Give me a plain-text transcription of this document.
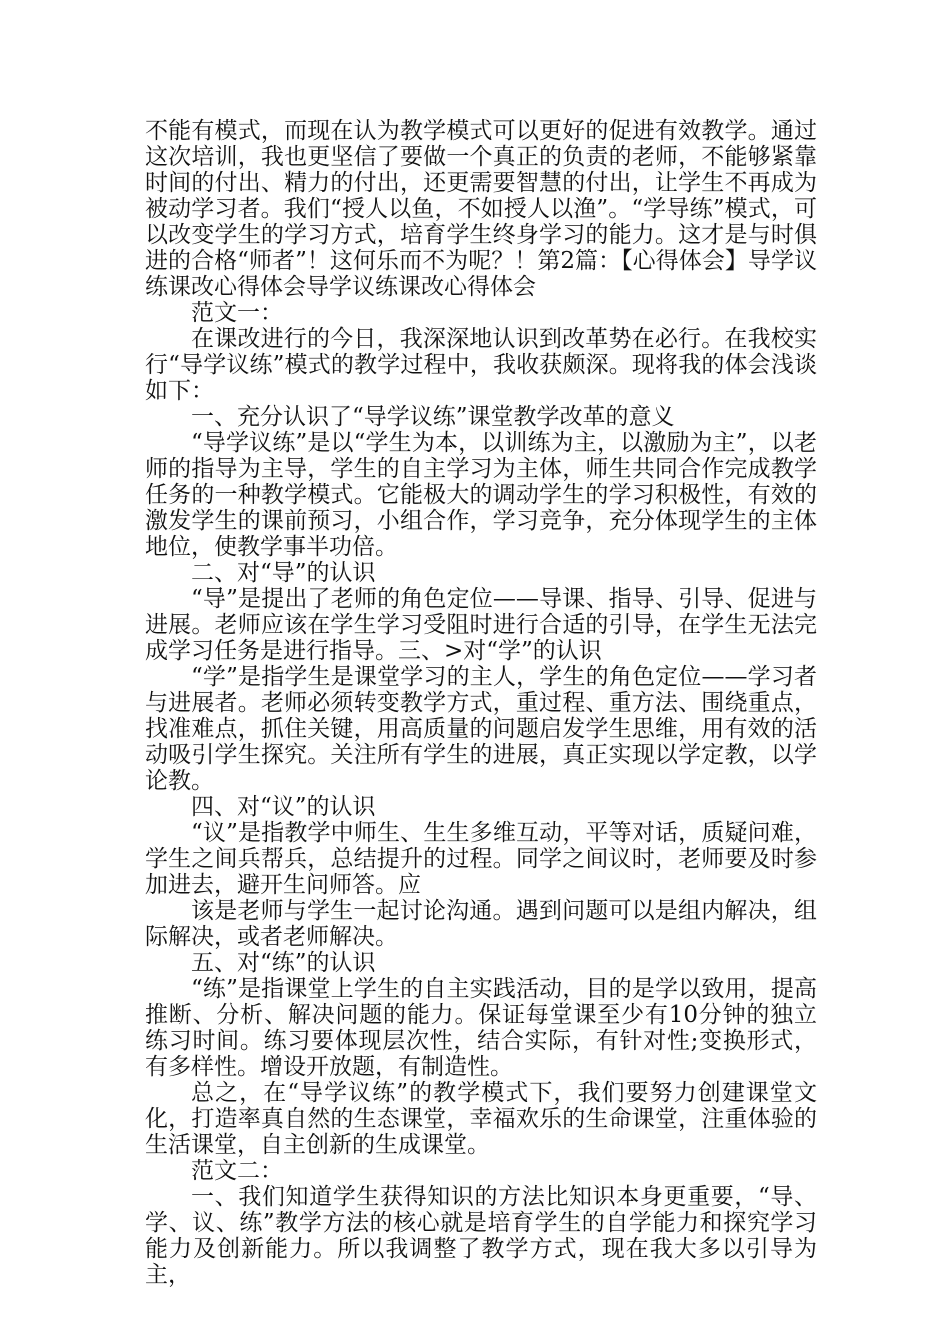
不能有模式，而现在认为教学模式可以更好的促进有效教学。通过这次培训，我也更坚信了要做一个真正的负责的老师，不能够紧靠时间的付出、精力的付出，还更需要智慧的付出，让学生不再成为被动学习者。我们“授人以鱼，不如授人以渔”。“学导练”模式，可以改变学生的学习方式，培育学生终身学习的能力。这才是与时俱进的合格“师者”！这何乐而不为呢？！第2篇：【心得体会】导学议练课改心得体会导学议练课改心得体会

范文一：

在课改进行的今日，我深深地认识到改革势在必行。在我校实行“导学议练”模式的教学过程中，我收获颇深。现将我的体会浅谈如下：

一、充分认识了“导学议练”课堂教学改革的意义

“导学议练”是以“学生为本，以训练为主，以激励为主”，以老师的指导为主导，学生的自主学习为主体，师生共同合作完成教学任务的一种教学模式。它能极大的调动学生的学习积极性，有效的激发学生的课前预习，小组合作，学习竞争，充分体现学生的主体地位，使教学事半功倍。

二、对“导”的认识

“导”是提出了老师的角色定位——导课、指导、引导、促进与进展。老师应该在学生学习受阻时进行合适的引导，在学生无法完成学习任务是进行指导。三、>对“学”的认识

“学”是指学生是课堂学习的主人，学生的角色定位——学习者与进展者。老师必须转变教学方式，重过程、重方法、围绕重点，找准难点，抓住关键，用高质量的问题启发学生思维，用有效的活动吸引学生探究。关注所有学生的进展，真正实现以学定教，以学论教。

四、对“议”的认识

“议”是指教学中师生、生生多维互动，平等对话，质疑问难，学生之间兵帮兵，总结提升的过程。同学之间议时，老师要及时参加进去，避开生问师答。应

该是老师与学生一起讨论沟通。遇到问题可以是组内解决，组际解决，或者老师解决。

五、对“练”的认识

“练”是指课堂上学生的自主实践活动，目的是学以致用，提高推断、分析、解决问题的能力。保证每堂课至少有10分钟的独立练习时间。练习要体现层次性，结合实际，有针对性;变换形式，有多样性。增设开放题，有制造性。

总之，在“导学议练”的教学模式下，我们要努力创建课堂文化，打造率真自然的生态课堂，幸福欢乐的生命课堂，注重体验的生活课堂，自主创新的生成课堂。

范文二：

一、我们知道学生获得知识的方法比知识本身更重要，“导、学、议、练”教学方法的核心就是培育学生的自学能力和探究学习能力及创新能力。所以我调整了教学方式，现在我大多以引导为主，
